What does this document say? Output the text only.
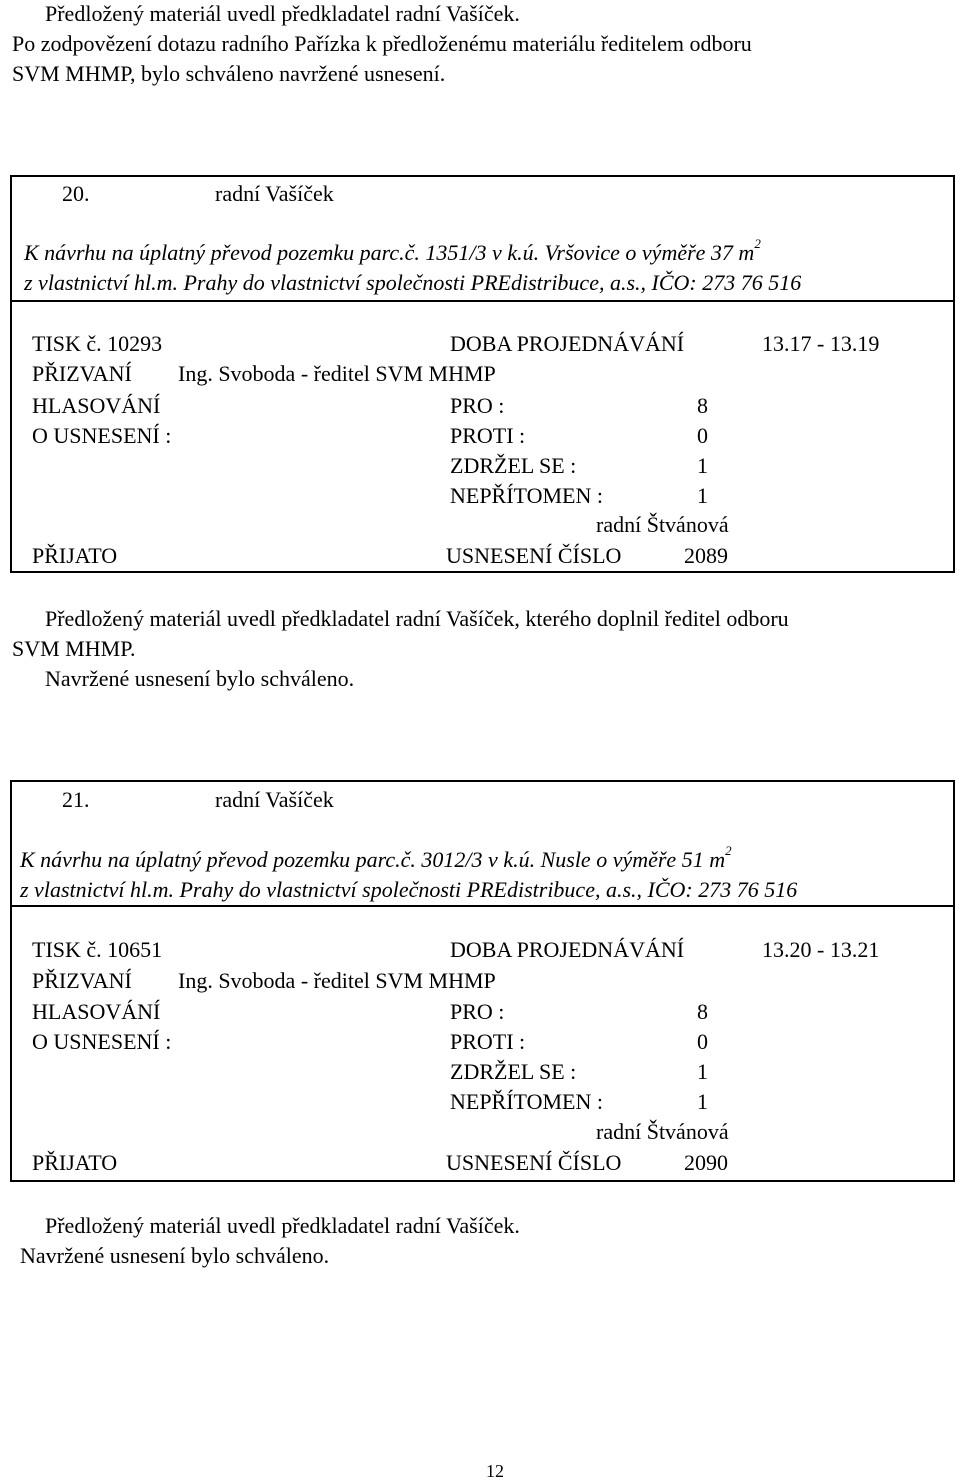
Předložený materiál uvedl předkladatel radní Vašíček.
Po zodpovězení dotazu radního Pařízka k předloženému materiálu ředitelem odboru
SVM MHMP, bylo schváleno navržené usnesení.
20.	radní Vašíček
K návrhu na úplatný převod pozemku parc.č. 1351/3 v k.ú. Vršovice o výměře 37 $m^2$
z vlastnictví hl.m. Prahy do vlastnictví společnosti PREdistribuce, a.s., IČO: 273 76 516
TISK č. 10293	DOBA PROJEDNÁVÁNÍ	13.17 - 13.19
PŘIZVANÍ Ing. Svoboda - ředitel SVM MHMP
HLASOVÁNÍ	PRO :	8
O USNESENÍ :	PROTI :	0
ZDRŽEL SE :	1
NEPŘÍTOMEN :	1
radní Štvánová
PŘIJATO	USNESENÍ ČÍSLO	2089
Předložený materiál uvedl předkladatel radní Vašíček, kterého doplnil ředitel odboru
SVM MHMP.
Navržené usnesení bylo schváleno.
21.	radní Vašíček
K návrhu na úplatný převod pozemku parc.č. 3012/3 v k.ú. Nusle o výměře 51 $m^2$
z vlastnictví hl.m. Prahy do vlastnictví společnosti PREdistribuce, a.s., IČO: 273 76 516
TISK č. 10651	DOBA PROJEDNÁVÁNÍ	13.20 - 13.21
PŘIZVANÍ Ing. Svoboda - ředitel SVM MHMP
HLASOVÁNÍ	PRO :	8
O USNESENÍ :	PROTI :	0
ZDRŽEL SE :	1
NEPŘÍTOMEN :	1
radní Štvánová
PŘIJATO	USNESENÍ ČÍSLO	2090
Předložený materiál uvedl předkladatel radní Vašíček.
Navržené usnesení bylo schváleno.
12
